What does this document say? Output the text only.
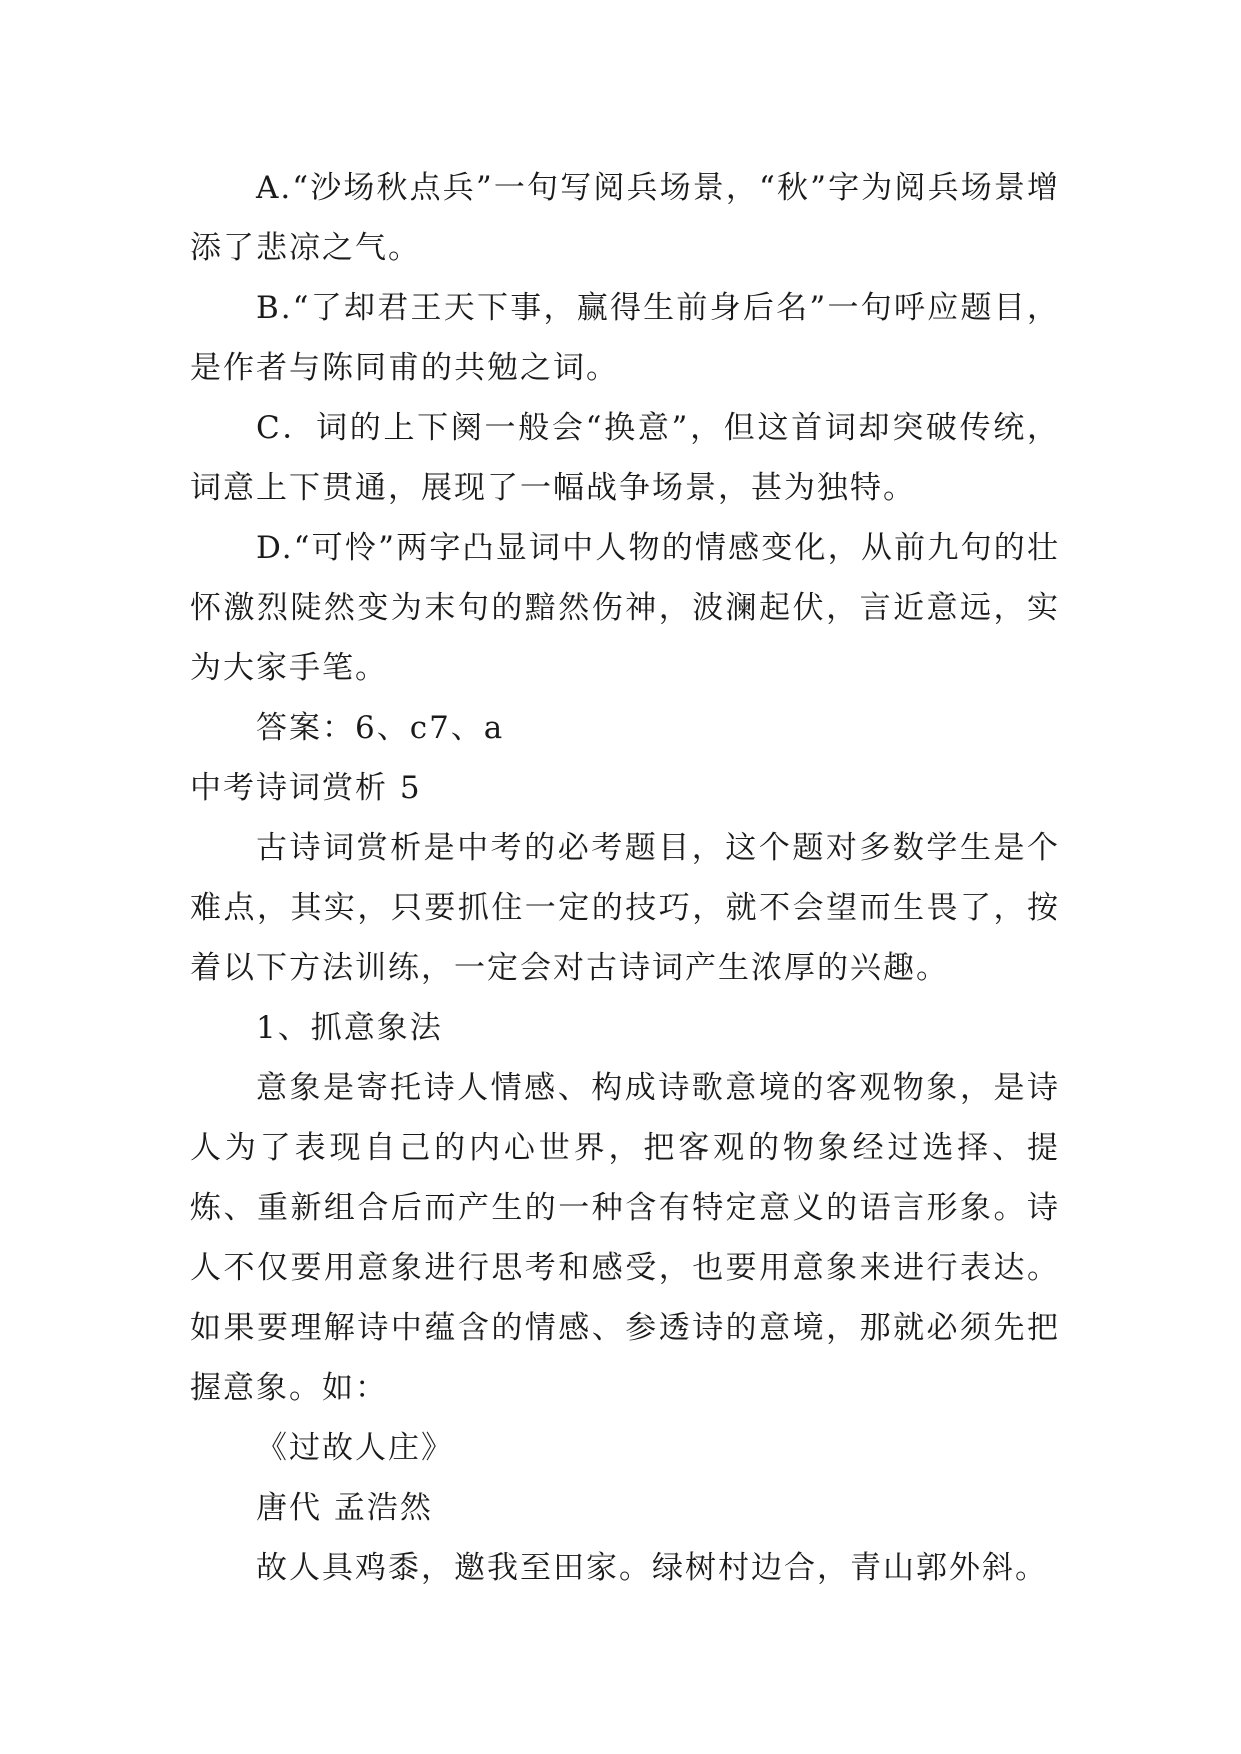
A.“沙场秋点兵”一句写阅兵场景，“秋”字为阅兵场景增添了悲凉之气。

B.“了却君王天下事，赢得生前身后名”一句呼应题目，是作者与陈同甫的共勉之词。

C．词的上下阕一般会“换意”，但这首词却突破传统，词意上下贯通，展现了一幅战争场景，甚为独特。

D.“可怜”两字凸显词中人物的情感变化，从前九句的壮怀激烈陡然变为末句的黯然伤神，波澜起伏，言近意远，实为大家手笔。

答案：6、c7、a

中考诗词赏析 5

古诗词赏析是中考的必考题目，这个题对多数学生是个难点，其实，只要抓住一定的技巧，就不会望而生畏了，按着以下方法训练，一定会对古诗词产生浓厚的兴趣。

1、抓意象法

意象是寄托诗人情感、构成诗歌意境的客观物象，是诗人为了表现自己的内心世界，把客观的物象经过选择、提炼、重新组合后而产生的一种含有特定意义的语言形象。诗人不仅要用意象进行思考和感受，也要用意象来进行表达。如果要理解诗中蕴含的情感、参透诗的意境，那就必须先把握意象。如：

《过故人庄》

唐代 孟浩然

故人具鸡黍，邀我至田家。绿树村边合，青山郭外斜。
